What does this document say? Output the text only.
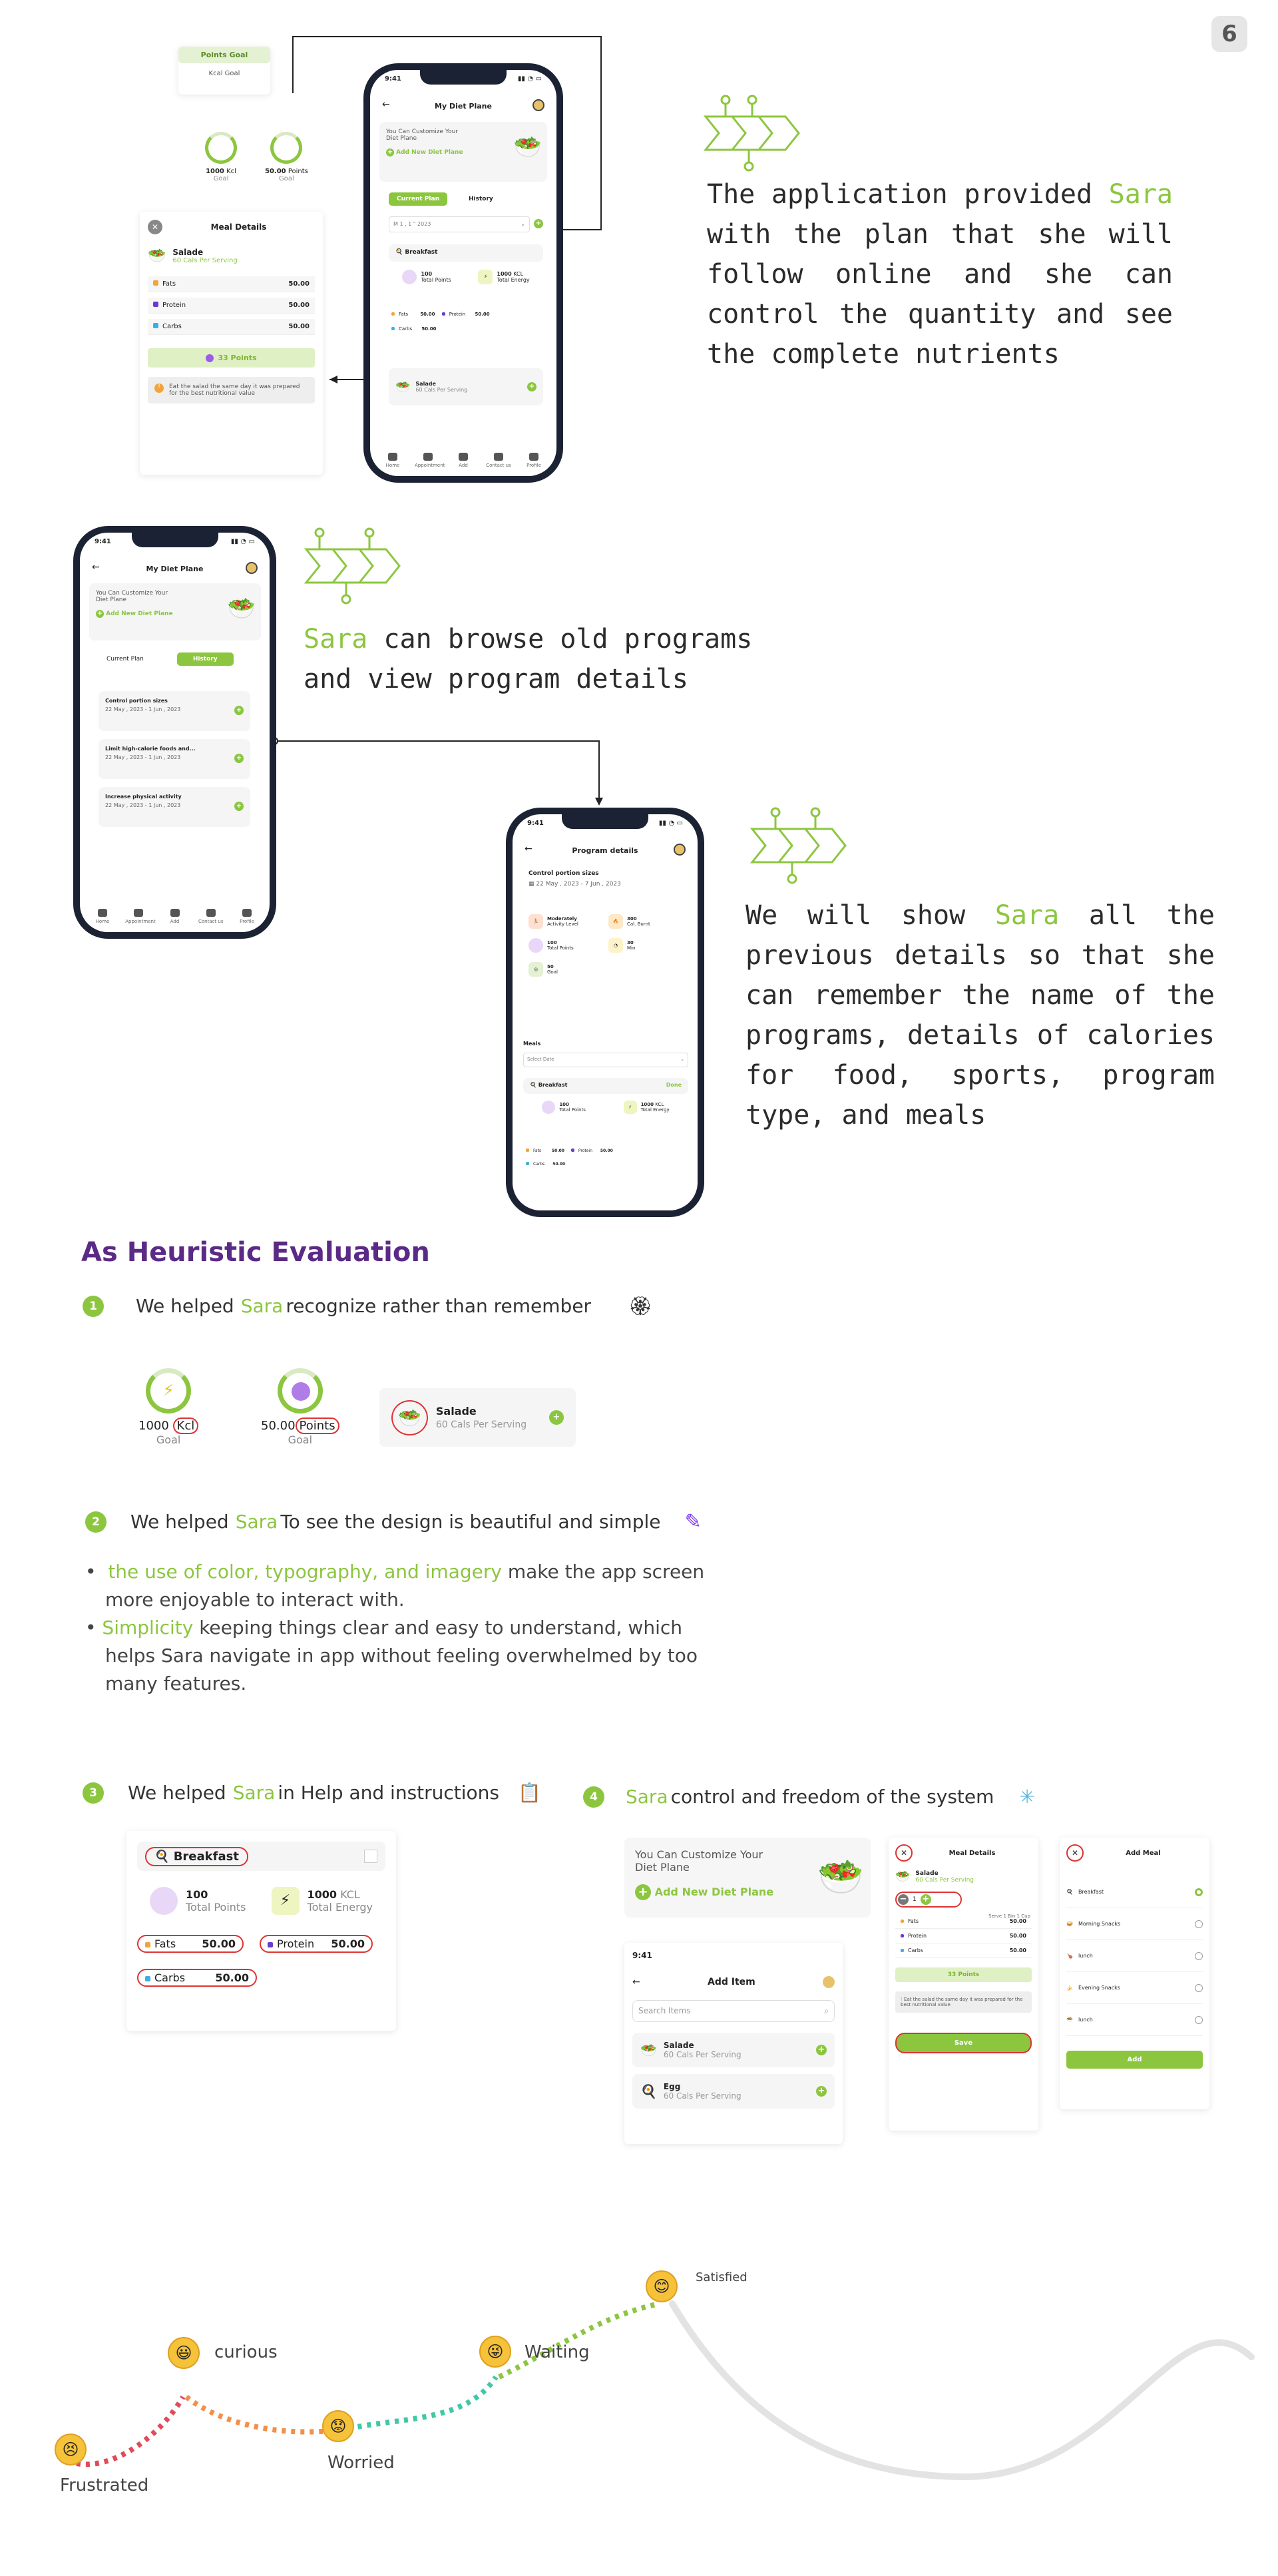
6
Points Goal
Kcal Goal
1000 Kcl
Goal
50.00 Points
Goal
✕	Meal Details
🥗 Salade
60 Cals Per Serving
Fats	50.00
Protein	50.00
Carbs	50.00
33 Points
!	Eat the salad the same day it was prepared for the best nutritional value
9:41	▮▮ ◔ ▭
←	My Diet Plane
You Can Customize Your Diet Plane
+ Add New Diet Plane	🥗
Current Plan	History
M 1 , 1 " 2023	⌄ +
🍳 Breakfast
100
Total Points
⚡	1000 KCL
Total Energy
Fats	50.00	Protein 50.00
Carbs 50.00
🥗 Salade
60 Cals Per Serving	+
Home	Appointment	Add	Contact us	Profile
The application provided Sara with the plan that she will follow online and she can control the quantity and see the complete nutrients
9:41	▮▮ ◔ ▭
←	My Diet Plane
You Can Customize Your Diet Plane
+ Add New Diet Plane	🥗
Current Plan	History
Control portion sizes
22 May , 2023 - 1 Jun , 2023	+
Limit high-calorie foods and...
22 May , 2023 - 1 Jun , 2023	+
Increase physical activity
22 May , 2023 - 1 Jun , 2023	+
Home	Appointment	Add	Contact us	Profile
Sara can browse old programs and view program details
9:41	▮▮ ◔ ▭
←	Program details
Control portion sizes
▦ 22 May , 2023 - 7 Jun , 2023
🏃	Moderately
Activity Level	🔥	300
Cal. Burnt
100
Total Points	◔	30
Min
◎	50
Goal
Meals
Select Date	⌄
🍳 Breakfast	Done
100
Total Points	⚡	1000 KCL
Total Energy
Fats	50.00	Protein 50.00
Carbs 50.00
We will show Sara all the previous details so that she can remember the name of the programs, details of calories for food, sports, program type, and meals
As Heuristic Evaluation
1	We helped Sara recognize rather than remember 🏵
⚡
1000 Kcl
Goal
50.00 Points
Goal
🥗	Salade
60 Cals Per Serving
+
2	We helped Sara To see the design is beautiful and simple ✎
•  the use of color, typography, and imagery make the app screen more enjoyable to interact with.
• Simplicity keeping things clear and easy to understand, which helps Sara navigate in app without feeling overwhelmed by too many features.
3	We helped Sara in Help and instructions 📋
🍳 Breakfast
100
Total Points	⚡	1000 KCL
Total Energy
Fats 50.00	Protein 50.00
Carbs	50.00
4	Sara control and freedom of the system ✳
You Can Customize Your Diet Plane
+ Add New Diet Plane	🥗
9:41
←	Add Item
Search Items	⌕
🥗 Salade
60 Cals Per Serving	+
🍳 Egg
60 Cals Per Serving	+
✕	Meal Details
🥗 Salade
60 Cals Per Serving
− 1 +
Serve 1 Bin 1 Cup
Fats	50.00
Protein	50.00
Carbs	50.00
33 Points
! Eat the salad the same day it was prepared for the best nutritional value
Save
✕	Add Meal
🍳 Breakfast
🥪 Morning Snacks
🍗 lunch
🍌 Evening Snacks
🥗 lunch
Add
😣
Frustrated
😃	curious
😟
Worried
😜	Waiting
😊	Satisfied
